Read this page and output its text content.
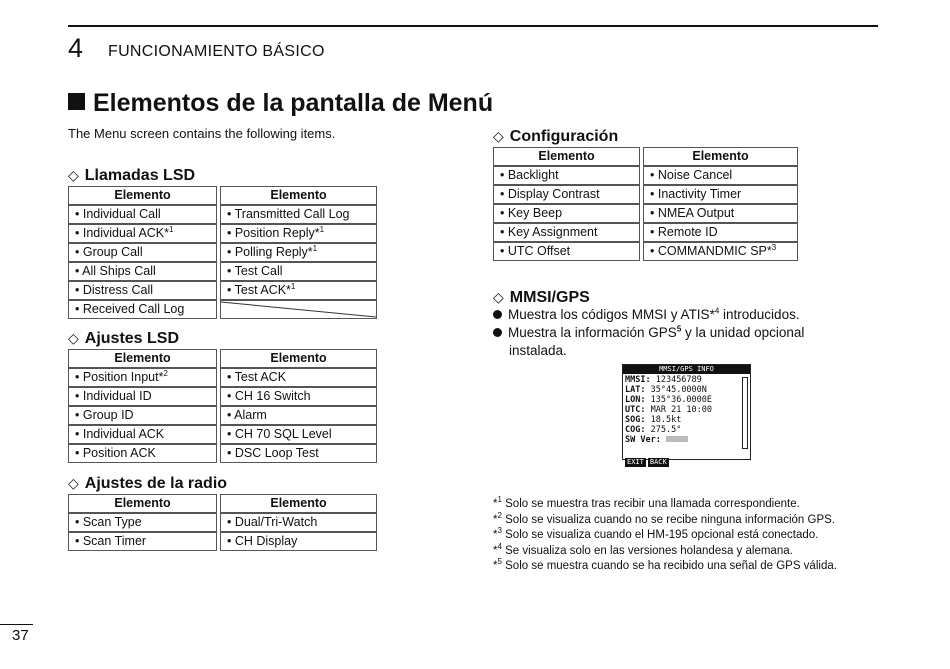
4 FUNCIONAMIENTO BÁSICO
Elementos de la pantalla de Menú
The Menu screen contains the following items.
◇ Llamadas LSD
Elemento		Elemento
• Individual Call		• Transmitted Call Log
• Individual ACK*$^1$		• Position Reply*$^1$
• Group Call		• Polling Reply*$^1$
• All Ships Call		• Test Call
• Distress Call		• Test ACK*$^1$
• Received Call Log		
◇ Ajustes LSD
Elemento		Elemento
• Position Input*$^2$		• Test ACK
• Individual ID		• CH 16 Switch
• Group ID		• Alarm
• Individual ACK		• CH 70 SQL Level
• Position ACK		• DSC Loop Test
◇ Ajustes de la radio
Elemento		Elemento
• Scan Type		• Dual/Tri-Watch
• Scan Timer		• CH Display
◇ Configuración
Elemento		Elemento
• Backlight		• Noise Cancel
• Display Contrast		• Inactivity Timer
• Key Beep		• NMEA Output
• Key Assignment		• Remote ID
• UTC Offset		• COMMANDMIC SP*$^3$
◇ MMSI/GPS
Muestra los códigos MMSI y ATIS*$^4$ introducidos.
Muestra la información GPS$^5$ y la unidad opcional
instalada.
MMSI/GPS INFO
MMSI: 123456789
LAT: 35°45.0000N
LON: 135°36.0000E
UTC: MAR 21 10:00
SOG: 18.5kt
COG: 275.5°
SW Ver:
EXIT BACK
*$^1$ Solo se muestra tras recibir una llamada correspondiente.
*$^2$ Solo se visualiza cuando no se recibe ninguna información GPS.
*$^3$ Solo se visualiza cuando el HM-195 opcional está conectado.
*$^4$ Se visualiza solo en las versiones holandesa y alemana.
*$^5$ Solo se muestra cuando se ha recibido una señal de GPS válida.
37
